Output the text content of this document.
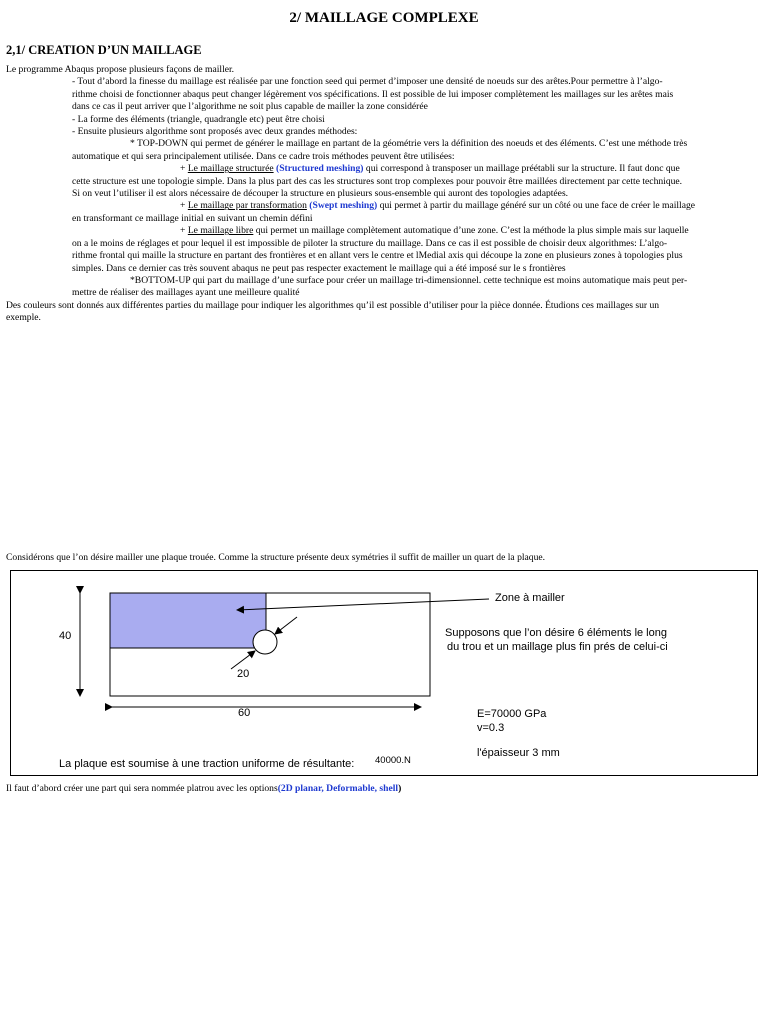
2/ MAILLAGE COMPLEXE
2,1/ CREATION D’UN MAILLAGE

Le programme Abaqus propose plusieurs façons de mailler.

- Tout d’abord la finesse du maillage est réalisée par une fonction seed qui permet d’imposer une densité de noeuds sur des arêtes.Pour permettre à l’algo-

rithme choisi de fonctionner abaqus peut changer légèrement vos spécifications. Il est possible de lui imposer complètement les maillages sur les arêtes mais

dans ce cas il peut arriver que l’algorithme ne soit plus capable de mailler la zone considérée

- La forme des éléments (triangle, quadrangle etc) peut être choisi

- Ensuite plusieurs algorithme sont proposés avec deux grandes méthodes:

* TOP-DOWN qui permet de générer le maillage en partant de la géométrie vers la définition des noeuds et des éléments. C’est une méthode très

automatique et qui sera principalement utilisée. Dans ce cadre trois méthodes peuvent être utilisées:

+ Le maillage structurée (Structured meshing) qui correspond à transposer un maillage préétabli sur la structure. Il faut donc que

cette structure est une topologie simple. Dans la plus part des cas les structures sont trop complexes pour pouvoir être maillées directement par cette technique.

Si on veut l’utiliser il est alors nécessaire de découper la structure en plusieurs sous-ensemble qui auront des topologies adaptées.

+ Le maillage par transformation (Swept meshing) qui permet à partir du maillage généré sur un côté ou une face de créer le maillage

en transformant ce maillage initial en suivant un chemin défini

+ Le maillage libre qui permet un maillage complètement automatique d’une zone. C’est la méthode la plus simple mais sur laquelle

on a le moins de réglages et pour lequel il est impossible de piloter la structure du maillage. Dans ce cas il est possible de choisir deux algorithmes: L’algo-

rithme frontal qui maille la structure en partant des frontières et en allant vers le centre et lMedial axis qui découpe la zone en plusieurs zones à topologies plus

simples. Dans ce dernier cas très souvent abaqus ne peut pas respecter exactement le maillage qui a été imposé sur le s frontières

*BOTTOM-UP qui part du maillage d’une surface pour créer un maillage tri-dimensionnel. cette technique est moins automatique mais peut per-

mettre de réaliser des maillages ayant une meilleure qualité

Des couleurs sont donnés aux différentes parties du maillage pour indiquer les algorithmes qu’il est possible d’utiliser pour la pièce donnée. Étudions ces maillages sur un

exemple.

Considérons que l’on désire mailler une plaque trouée. Comme la structure présente deux symétries il suffit de mailler un quart de la plaque.
40
60
20
Zone à mailler
Supposons que l’on désire 6 éléments le long
du trou et un maillage plus fin prés de celui-ci
E=70000 GPa
v=0.3
l'épaisseur 3 mm
La plaque est soumise à une traction uniforme de résultante: 40000.N
Il faut d’abord créer une part qui sera nommée platrou avec les options(2D planar, Deformable, shell)
